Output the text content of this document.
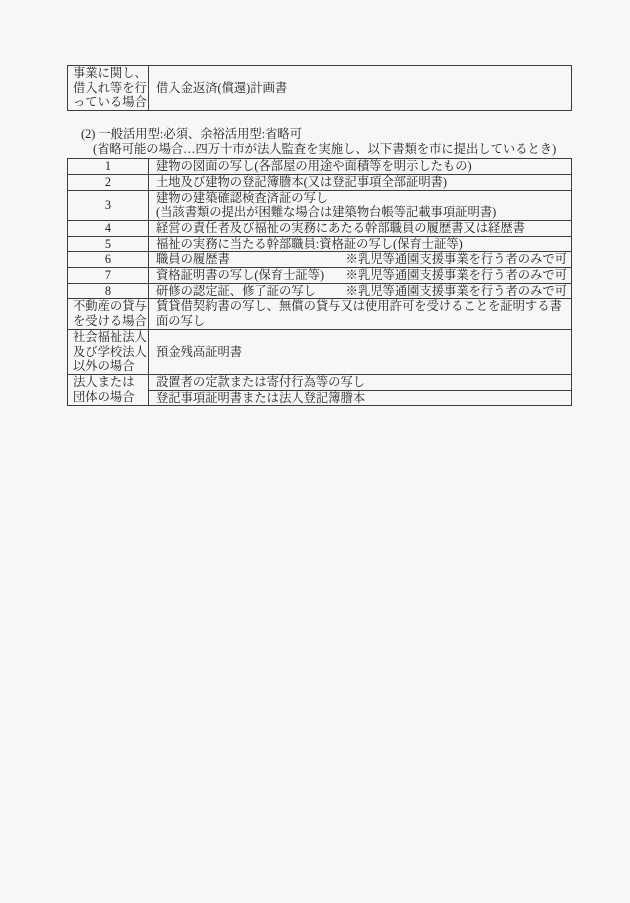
事業に関し、
借入れ等を行
っている場合
	借入金返済(償還)計画書
(2) 一般活用型:必須、余裕活用型:省略可
(省略可能の場合…四万十市が法人監査を実施し、以下書類を市に提出しているとき)
1	建物の図面の写し(各部屋の用途や面積等を明示したもの)

2	土地及び建物の登記簿謄本(又は登記事項全部証明書)

3	建物の建築確認検査済証の写し
(当該書類の提出が困難な場合は建築物台帳等記載事項証明書)

4	経営の責任者及び福祉の実務にあたる幹部職員の履歴書又は経歴書

5	福祉の実務に当たる幹部職員:資格証の写し(保育士証等)

6	職員の履歴書 ※乳児等通園支援事業を行う者のみで可

7	資格証明書の写し(保育士証等) ※乳児等通園支援事業を行う者のみで可

8	研修の認定証、修了証の写し ※乳児等通園支援事業を行う者のみで可

不動産の貸与
を受ける場合	賃貸借契約書の写し、無償の貸与又は使用許可を受けることを証明する書面の写し

社会福祉法人
及び学校法人
以外の場合	預金残高証明書

法人または
団体の場合	設置者の定款または寄付行為等の写し
	登記事項証明書または法人登記簿謄本
